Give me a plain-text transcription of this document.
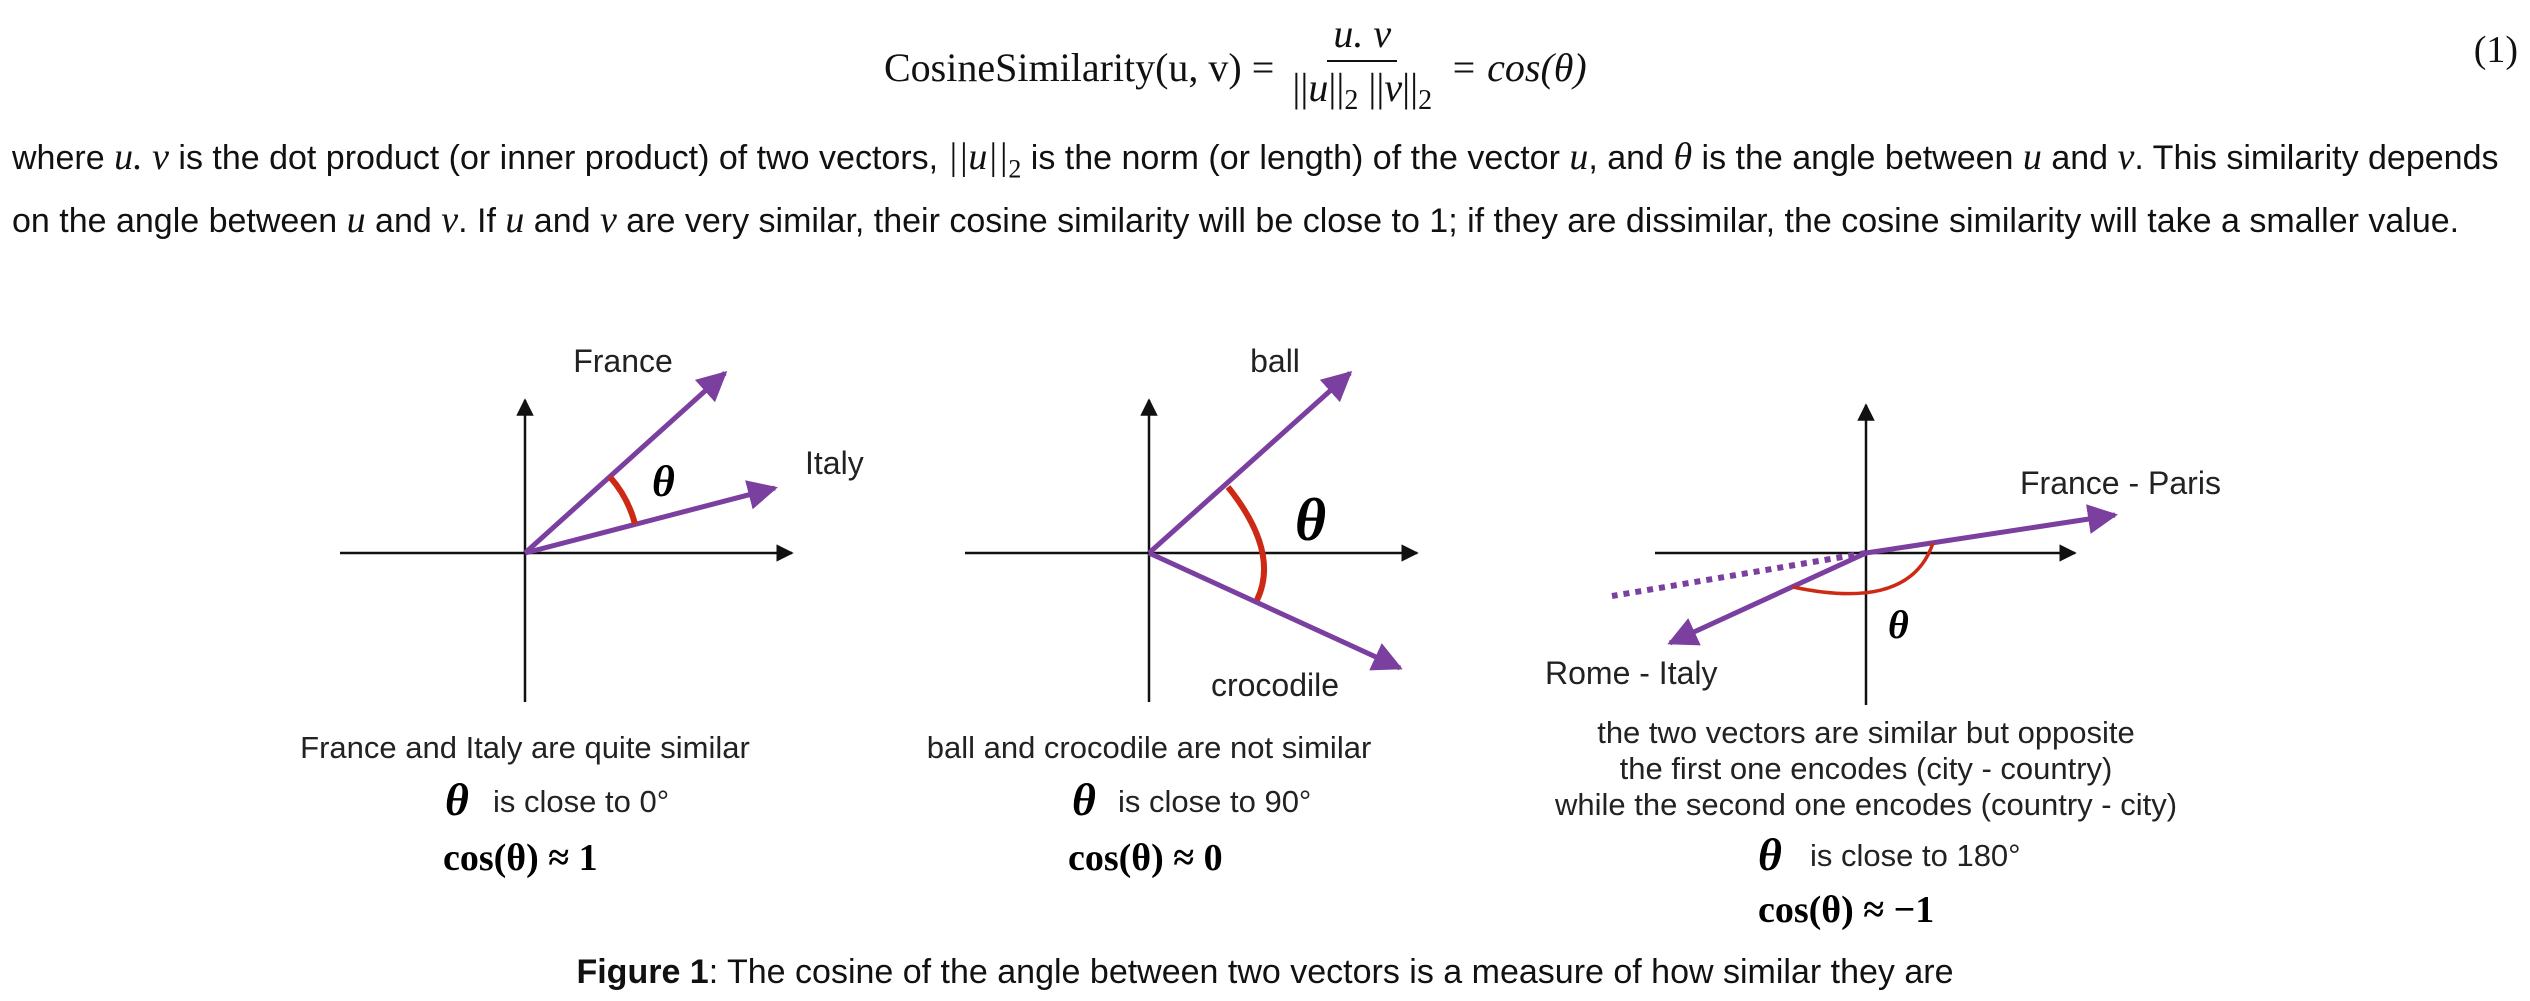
CosineSimilarity(u, $v) = \frac{u. v}{||u||_2 ||v||_2} = \cos(\theta)$	(1)
where u. v is the dot product (or inner product) of two vectors, $||u||_2$ is the norm (or length) of the vector u, and θ is the angle between u and v. This similarity depends on the angle between u and v. If u and v are very similar, their cosine similarity will be close to 1; if they are dissimilar, the cosine similarity will take a smaller value.
θ
France
Italy
France and Italy are quite similar
θ is close to 0°
cos(θ) ≈ 1
θ
ball
crocodile
ball and crocodile are not similar
θ is close to 90°
cos(θ) ≈ 0
θ
France - Paris
Rome - Italy
the two vectors are similar but opposite
the first one encodes (city - country)
while the second one encodes (country - city)
θ is close to 180°
cos(θ) ≈ −1
Figure 1: The cosine of the angle between two vectors is a measure of how similar they are
